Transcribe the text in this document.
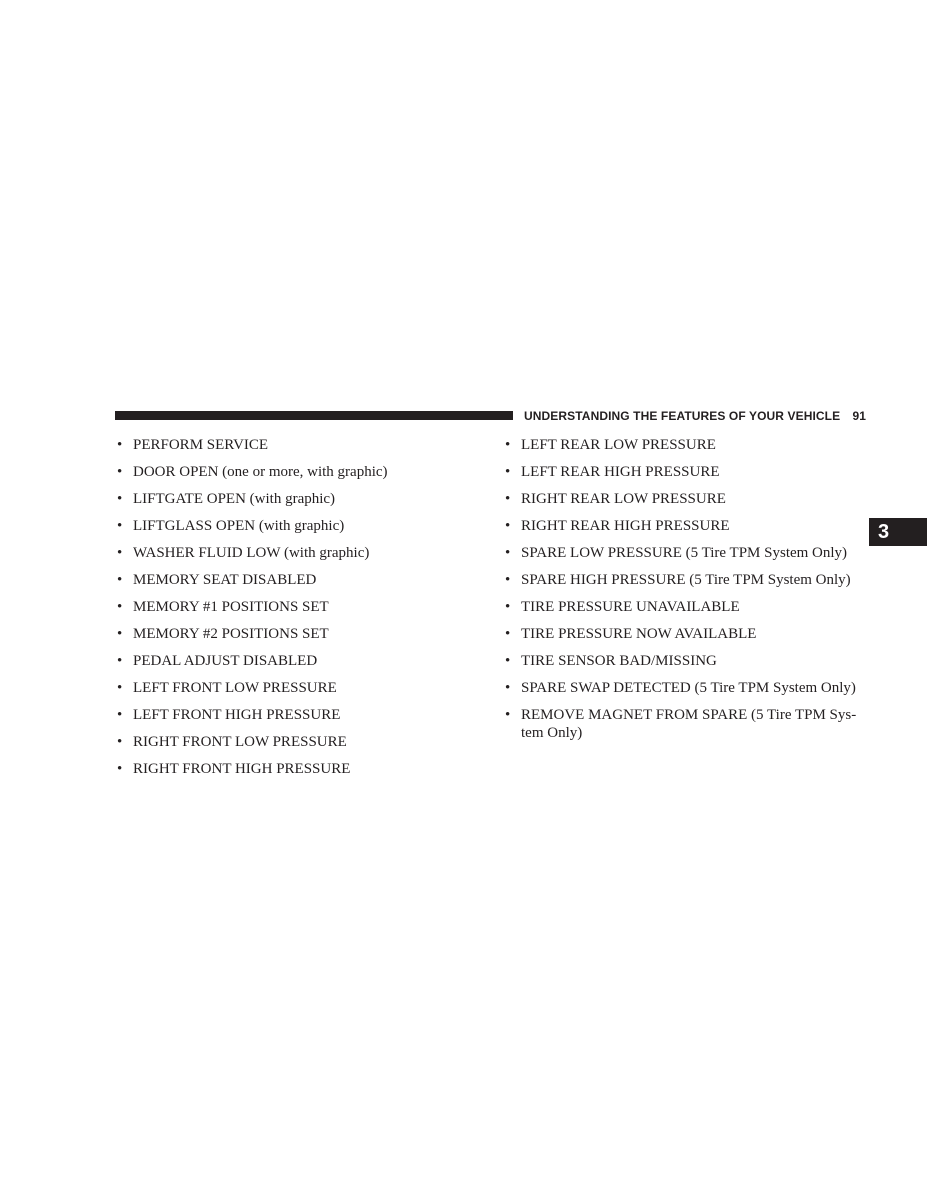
UNDERSTANDING THE FEATURES OF YOUR VEHICLE 91
3
• PERFORM SERVICE
• DOOR OPEN (one or more, with graphic)
• LIFTGATE OPEN (with graphic)
• LIFTGLASS OPEN (with graphic)
• WASHER FLUID LOW (with graphic)
• MEMORY SEAT DISABLED
• MEMORY #1 POSITIONS SET
• MEMORY #2 POSITIONS SET
• PEDAL ADJUST DISABLED
• LEFT FRONT LOW PRESSURE
• LEFT FRONT HIGH PRESSURE
• RIGHT FRONT LOW PRESSURE
• RIGHT FRONT HIGH PRESSURE
• LEFT REAR LOW PRESSURE
• LEFT REAR HIGH PRESSURE
• RIGHT REAR LOW PRESSURE
• RIGHT REAR HIGH PRESSURE
• SPARE LOW PRESSURE (5 Tire TPM System Only)
• SPARE HIGH PRESSURE (5 Tire TPM System Only)
• TIRE PRESSURE UNAVAILABLE
• TIRE PRESSURE NOW AVAILABLE
• TIRE SENSOR BAD/MISSING
• SPARE SWAP DETECTED (5 Tire TPM System Only)
• REMOVE MAGNET FROM SPARE (5 Tire TPM Sys-tem Only)
